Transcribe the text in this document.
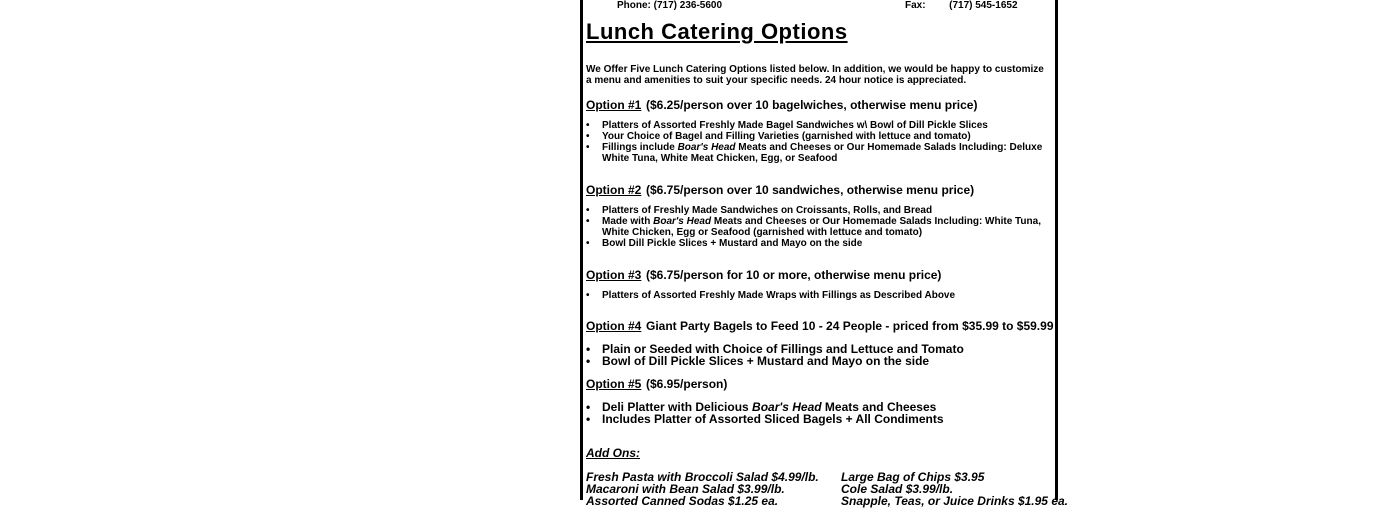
Phone: (717) 236-5600	Fax: (717) 545-1652
Lunch Catering Options
We Offer Five Lunch Catering Options listed below. In addition, we would be happy to customize a menu and amenities to suit your specific needs. 24 hour notice is appreciated.
Option #1 ($6.25/person over 10 bagelwiches, otherwise menu price)
• Platters of Assorted Freshly Made Bagel Sandwiches w\ Bowl of Dill Pickle Slices
• Your Choice of Bagel and Filling Varieties (garnished with lettuce and tomato)
• Fillings include Boar's Head Meats and Cheeses or Our Homemade Salads Including: Deluxe White Tuna, White Meat Chicken, Egg, or Seafood
Option #2 ($6.75/person over 10 sandwiches, otherwise menu price)
• Platters of Freshly Made Sandwiches on Croissants, Rolls, and Bread
• Made with Boar's Head Meats and Cheeses or Our Homemade Salads Including: White Tuna, White Chicken, Egg or Seafood (garnished with lettuce and tomato)
• Bowl Dill Pickle Slices + Mustard and Mayo on the side
Option #3 ($6.75/person for 10 or more, otherwise menu price)
• Platters of Assorted Freshly Made Wraps with Fillings as Described Above
Option #4 Giant Party Bagels to Feed 10 - 24 People - priced from $35.99 to $59.99
• Plain or Seeded with Choice of Fillings and Lettuce and Tomato
• Bowl of Dill Pickle Slices + Mustard and Mayo on the side
Option #5 ($6.95/person)
• Deli Platter with Delicious Boar's Head Meats and Cheeses
• Includes Platter of Assorted Sliced Bagels + All Condiments
Add Ons:
Fresh Pasta with Broccoli Salad $4.99/lb.
Macaroni with Bean Salad $3.99/lb.
Assorted Canned Sodas $1.25 ea.
Large Bag of Chips $3.95
Cole Salad $3.99/lb.
Snapple, Teas, or Juice Drinks $1.95 ea.
